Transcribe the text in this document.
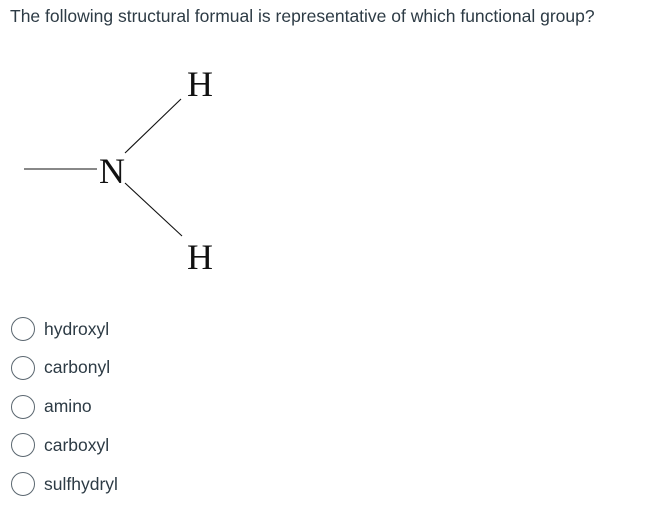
The following structural formual is representative of which functional group?
N
H
H
hydroxyl
carbonyl
amino
carboxyl
sulfhydryl
